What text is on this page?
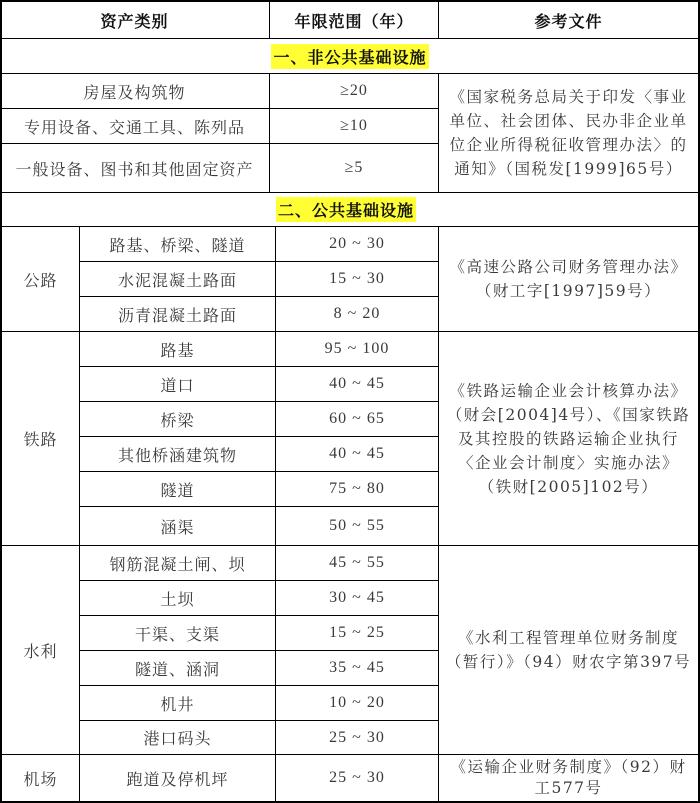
资产类别	年限范围（年）	参考文件
一、非公共基础设施
房屋及构筑物	≥20
专用设备、交通工具、陈列品	≥10
一般设备、图书和其他固定资产	≥5
《国家税务总局关于印发〈事业单位、社会团体、民办非企业单位企业所得税征收管理办法〉的通知》（国税发[1999]65号）
二、公共基础设施
公路
路基、桥梁、隧道	20 ~ 30
水泥混凝土路面	15 ~ 30
沥青混凝土路面	8 ~ 20
《高速公路公司财务管理办法》（财工字[1997]59号）
铁路
路基	95 ~ 100
道口	40 ~ 45
桥梁	60 ~ 65
其他桥涵建筑物	40 ~ 45
隧道	75 ~ 80
涵渠	50 ~ 55
《铁路运输企业会计核算办法》（财会[2004]4号）、《国家铁路及其控股的铁路运输企业执行〈企业会计制度〉实施办法》（铁财[2005]102号）
水利
钢筋混凝土闸、坝	45 ~ 55
土坝	30 ~ 45
干渠、支渠	15 ~ 25
隧道、涵洞	35 ~ 45
机井	10 ~ 20
港口码头	25 ~ 30
《水利工程管理单位财务制度（暂行）》（94）财农字第397号
机场	跑道及停机坪	25 ~ 30
《运输企业财务制度》（92）财工577号
